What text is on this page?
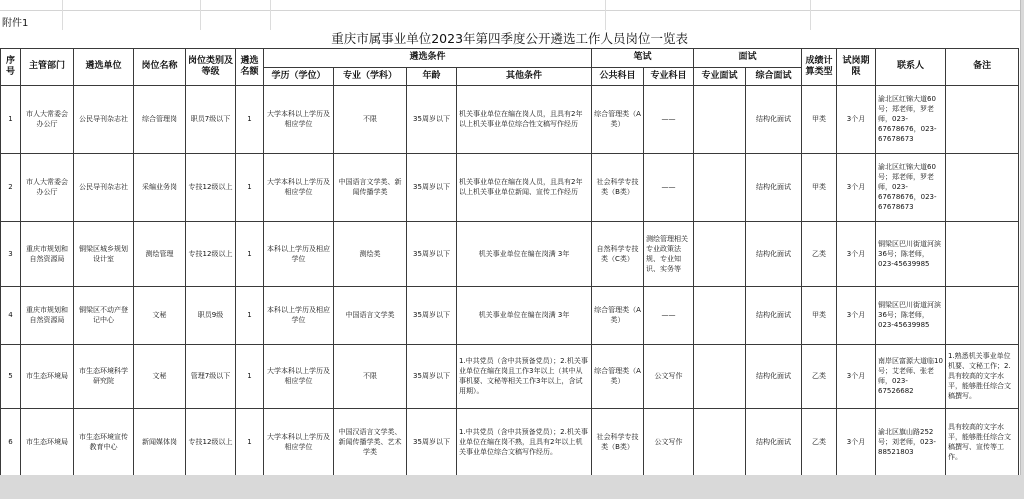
附件1
重庆市属事业单位2023年第四季度公开遴选工作人员岗位一览表																	
序号	主管部门	遴选单位	岗位名称	岗位类别及等级	遴选名额	遴选条件				笔试		面试		成绩计算类型	试岗期限	联系人	备注
						学历（学位）	专业（学科）	年龄	其他条件	公共科目	专业科目	专业面试	综合面试				
1	市人大常委会办公厅	公民导刊杂志社	综合管理岗	职员7级以下	1	大学本科以上学历及相应学位	不限	35周岁以下	机关事业单位在编在岗人员，且具有2年以上机关事业单位综合性文稿写作经历	综合管理类（A类）	——		结构化面试	甲类	3个月	渝北区红锦大道60号；郑老师，罗老师，023-67678676，023-67678673	
2	市人大常委会办公厅	公民导刊杂志社	采编业务岗	专技12级以上	1	大学本科以上学历及相应学位	中国语言文学类、新闻传播学类	35周岁以下	机关事业单位在编在岗人员，且具有2年以上机关事业单位新闻、宣传工作经历	社会科学专技类（B类）	——		结构化面试	甲类	3个月	渝北区红锦大道60号；郑老师，罗老师，023-67678676，023-67678673	
3	重庆市规划和自然资源局	铜梁区城乡规划设计室	测绘管理	专技12级以上	1	本科以上学历及相应学位	测绘类	35周岁以下	机关事业单位在编在岗满 3年	自然科学专技类（C类）	测绘管理相关专业政策法规、专业知识、实务等		结构化面试	乙类	3个月	铜梁区巴川街道河滨36号；陈老师，023-45639985	
4	重庆市规划和自然资源局	铜梁区不动产登记中心	文秘	职员9级	1	本科以上学历及相应学位	中国语言文学类	35周岁以下	机关事业单位在编在岗满 3年	综合管理类（A类）	——		结构化面试	甲类	3个月	铜梁区巴川街道河滨36号；陈老师，023-45639985	
5	市生态环境局	市生态环境科学研究院	文秘	管理7级以下	1	大学本科以上学历及相应学位	不限	35周岁以下	1.中共党员（含中共预备党员）；2.机关事业单位在编在岗且工作3年以上（其中从事机要、文秘等相关工作3年以上，含试用期）。	综合管理类（A类）	公文写作		结构化面试	乙类	3个月	南岸区富源大道临10号；艾老师、张老师，023-67526682	1.熟悉机关事业单位机要、文秘工作；2.具有较高的文字水平，能够胜任综合文稿撰写。
6	市生态环境局	市生态环境宣传教育中心	新闻媒体岗	专技12级以上	1	大学本科以上学历及相应学位	中国汉语言文学类、新闻传播学类、艺术学类	35周岁以下	1.中共党员（含中共预备党员）；2.机关事业单位在编在岗不熟，且具有2年以上机关事业单位综合文稿写作经历。	社会科学专技类（B类）	公文写作		结构化面试	乙类	3个月	渝北区旗山路252号；刘老师，023-88521803	具有较高的文字水平，能够胜任综合文稿撰写、宣传等工作。
